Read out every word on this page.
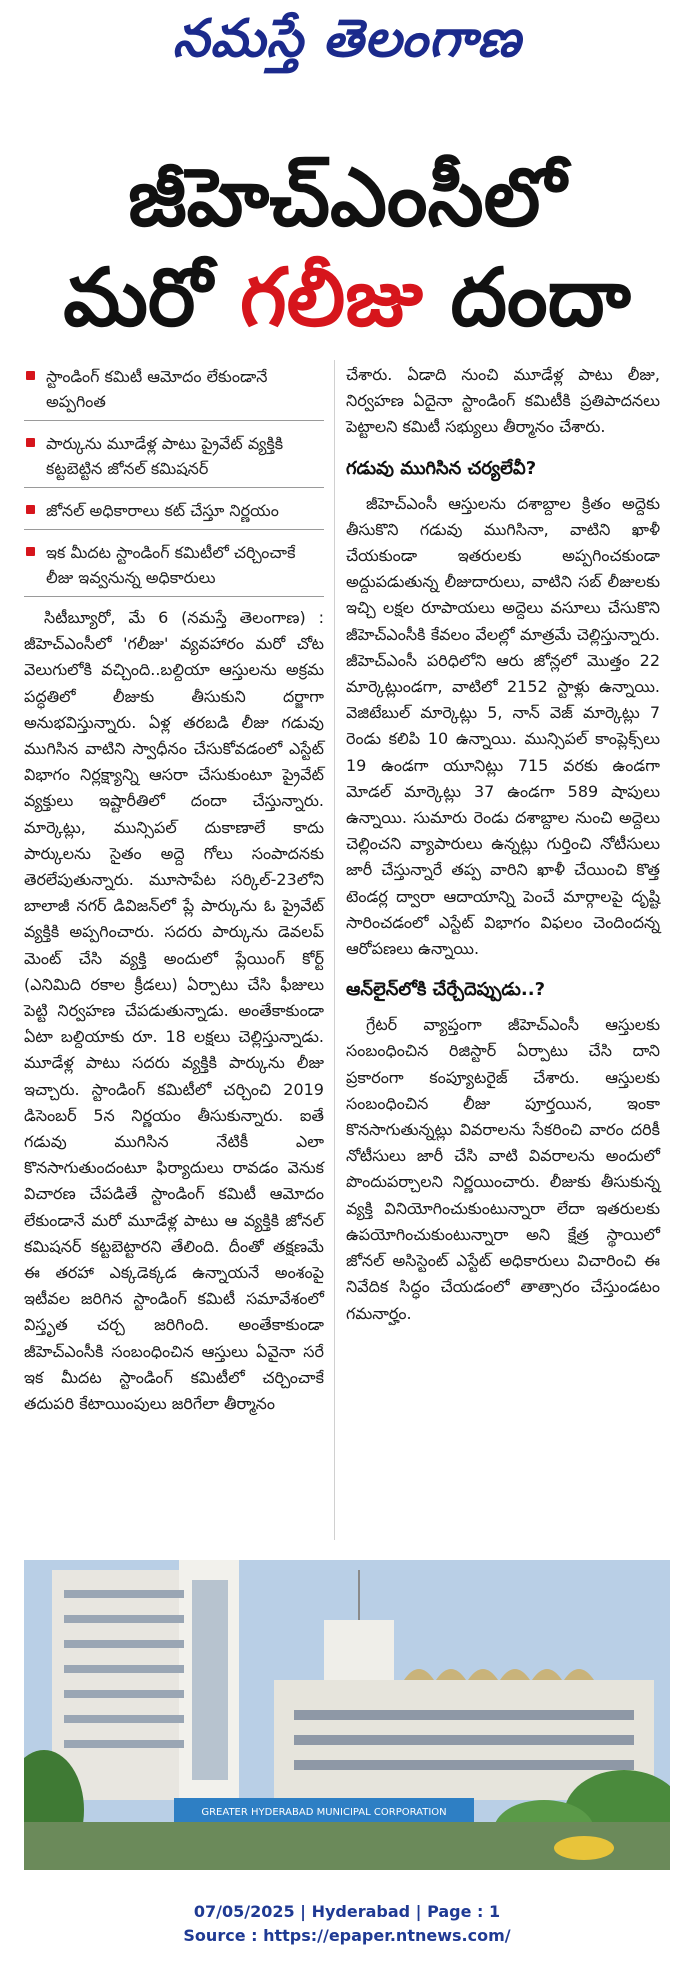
నమస్తే తెలంగాణ
జీహెచ్‌ఎంసీలో
మరో గలీజు దందా
స్టాండింగ్ కమిటీ ఆమోదం లేకుండానే అప్పగింత
పార్కును మూడేళ్ల పాటు ప్రైవేట్ వ్యక్తికి కట్టబెట్టిన జోనల్ కమిషనర్
జోనల్ అధికారాలు కట్ చేస్తూ నిర్ణయం
ఇక మీదట స్టాండింగ్ కమిటీలో చర్చించాకే లీజు ఇవ్వనున్న అధికారులు

సిటీబ్యూరో, మే 6 (నమస్తే తెలంగాణ) : జీహెచ్‌ఎంసీలో 'గలీజు' వ్యవహారం మరో చోట వెలుగులోకి వచ్చింది..బల్దియా ఆస్తులను అక్రమ పద్ధతిలో లీజుకు తీసుకుని దర్జాగా అనుభవిస్తున్నారు. ఏళ్ల తరబడి లీజు గడువు ముగిసిన వాటిని స్వాధీనం చేసుకోవడంలో ఎస్టేట్ విభాగం నిర్లక్ష్యాన్ని ఆసరా చేసుకుంటూ ప్రైవేట్ వ్యక్తులు ఇష్టారీతిలో దందా చేస్తున్నారు. మార్కెట్లు, మున్సిపల్ దుకాణాలే కాదు పార్కులను సైతం అద్దె గోలు సంపాదనకు తెరలేపుతున్నారు. మూసాపేట సర్కిల్-23లోని బాలాజీ నగర్ డివిజన్‌లో ప్లే పార్కును ఓ ప్రైవేట్ వ్యక్తికి అప్పగించారు. సదరు పార్కును డెవలప్ మెంట్ చేసి వ్యక్తి అందులో ప్లేయింగ్ కోర్ట్ (ఎనిమిది రకాల క్రీడలు) ఏర్పాటు చేసి ఫీజులు పెట్టి నిర్వహణ చేపడుతున్నాడు. అంతేకాకుండా ఏటా బల్దియాకు రూ. 18 లక్షలు చెల్లిస్తున్నాడు. మూడేళ్ల పాటు సదరు వ్యక్తికి పార్కును లీజు ఇచ్చారు. స్టాండింగ్ కమిటీలో చర్చించి 2019 డిసెంబర్ 5న నిర్ణయం తీసుకున్నారు. ఐతే గడువు ముగిసిన నేటికీ ఎలా కొనసాగుతుందంటూ ఫిర్యాదులు రావడం వెనుక విచారణ చేపడితే స్టాండింగ్ కమిటీ ఆమోదం లేకుండానే మరో మూడేళ్ల పాటు ఆ వ్యక్తికి జోనల్ కమిషనర్ కట్టబెట్టారని తేలింది. దీంతో తక్షణమే ఈ తరహా ఎక్కడెక్కడ ఉన్నాయనే అంశంపై ఇటీవల జరిగిన స్టాండింగ్ కమిటీ సమావేశంలో విస్తృత చర్చ జరిగింది. అంతేకాకుండా జీహెచ్‌ఎంసీకి సంబంధించిన ఆస్తులు ఏవైనా సరే ఇక మీదట స్టాండింగ్ కమిటీలో చర్చించాకే తదుపరి కేటాయింపులు జరిగేలా తీర్మానం

చేశారు. ఏడాది నుంచి మూడేళ్ల పాటు లీజు, నిర్వహణ ఏదైనా స్టాండింగ్ కమిటీకి ప్రతిపాదనలు పెట్టాలని కమిటీ సభ్యులు తీర్మానం చేశారు.

గడువు ముగిసిన చర్యలేవీ?

జీహెచ్‌ఎంసీ ఆస్తులను దశాబ్దాల క్రితం అద్దెకు తీసుకొని గడువు ముగిసినా, వాటిని ఖాళీ చేయకుండా ఇతరులకు అప్పగించకుండా అద్దుపడుతున్న లీజుదారులు, వాటిని సబ్ లీజులకు ఇచ్చి లక్షల రూపాయలు అద్దెలు వసూలు చేసుకొని జీహెచ్‌ఎంసీకి కేవలం వేలల్లో మాత్రమే చెల్లిస్తున్నారు. జీహెచ్‌ఎంసీ పరిధిలోని ఆరు జోన్లలో మొత్తం 22 మార్కెట్లుండగా, వాటిలో 2152 స్టాళ్లు ఉన్నాయి. వెజిటేబుల్ మార్కెట్లు 5, నాన్ వెజ్ మార్కెట్లు 7 రెండు కలిపి 10 ఉన్నాయి. మున్సిపల్ కాంప్లెక్స్‌లు 19 ఉండగా యూనిట్లు 715 వరకు ఉండగా మోడల్ మార్కెట్లు 37 ఉండగా 589 షాపులు ఉన్నాయి. సుమారు రెండు దశాబ్దాల నుంచి అద్దెలు చెల్లించని వ్యాపారులు ఉన్నట్లు గుర్తించి నోటీసులు జారీ చేస్తున్నారే తప్ప వారిని ఖాళీ చేయించి కొత్త టెండర్ల ద్వారా ఆదాయాన్ని పెంచే మార్గాలపై దృష్టి సారించడంలో ఎస్టేట్ విభాగం విఫలం చెందిందన్న ఆరోపణలు ఉన్నాయి.

ఆన్‌లైన్‌లోకి చేర్చేదెప్పుడు..?

గ్రేటర్ వ్యాప్తంగా జీహెచ్‌ఎంసీ ఆస్తులకు సంబంధించిన రిజిస్టార్ ఏర్పాటు చేసి దాని ప్రకారంగా కంప్యూటరైజ్ చేశారు. ఆస్తులకు సంబంధించిన లీజు పూర్తయిన, ఇంకా కొనసాగుతున్నట్లు వివరాలను సేకరించి వారం దరికీ నోటీసులు జారీ చేసి వాటి వివరాలను అందులో పొందుపర్చాలని నిర్ణయించారు. లీజుకు తీసుకున్న వ్యక్తి వినియోగించుకుంటున్నారా లేదా ఇతరులకు ఉపయోగించుకుంటున్నారా అని క్షేత్ర స్థాయిలో జోనల్ అసిస్టెంట్ ఎస్టేట్ అధికారులు విచారించి ఈ నివేదిక సిద్ధం చేయడంలో తాత్సారం చేస్తుండటం గమనార్హం.

GREATER HYDERABAD MUNICIPAL CORPORATION
07/05/2025 | Hyderabad | Page : 1
Source : https://epaper.ntnews.com/
